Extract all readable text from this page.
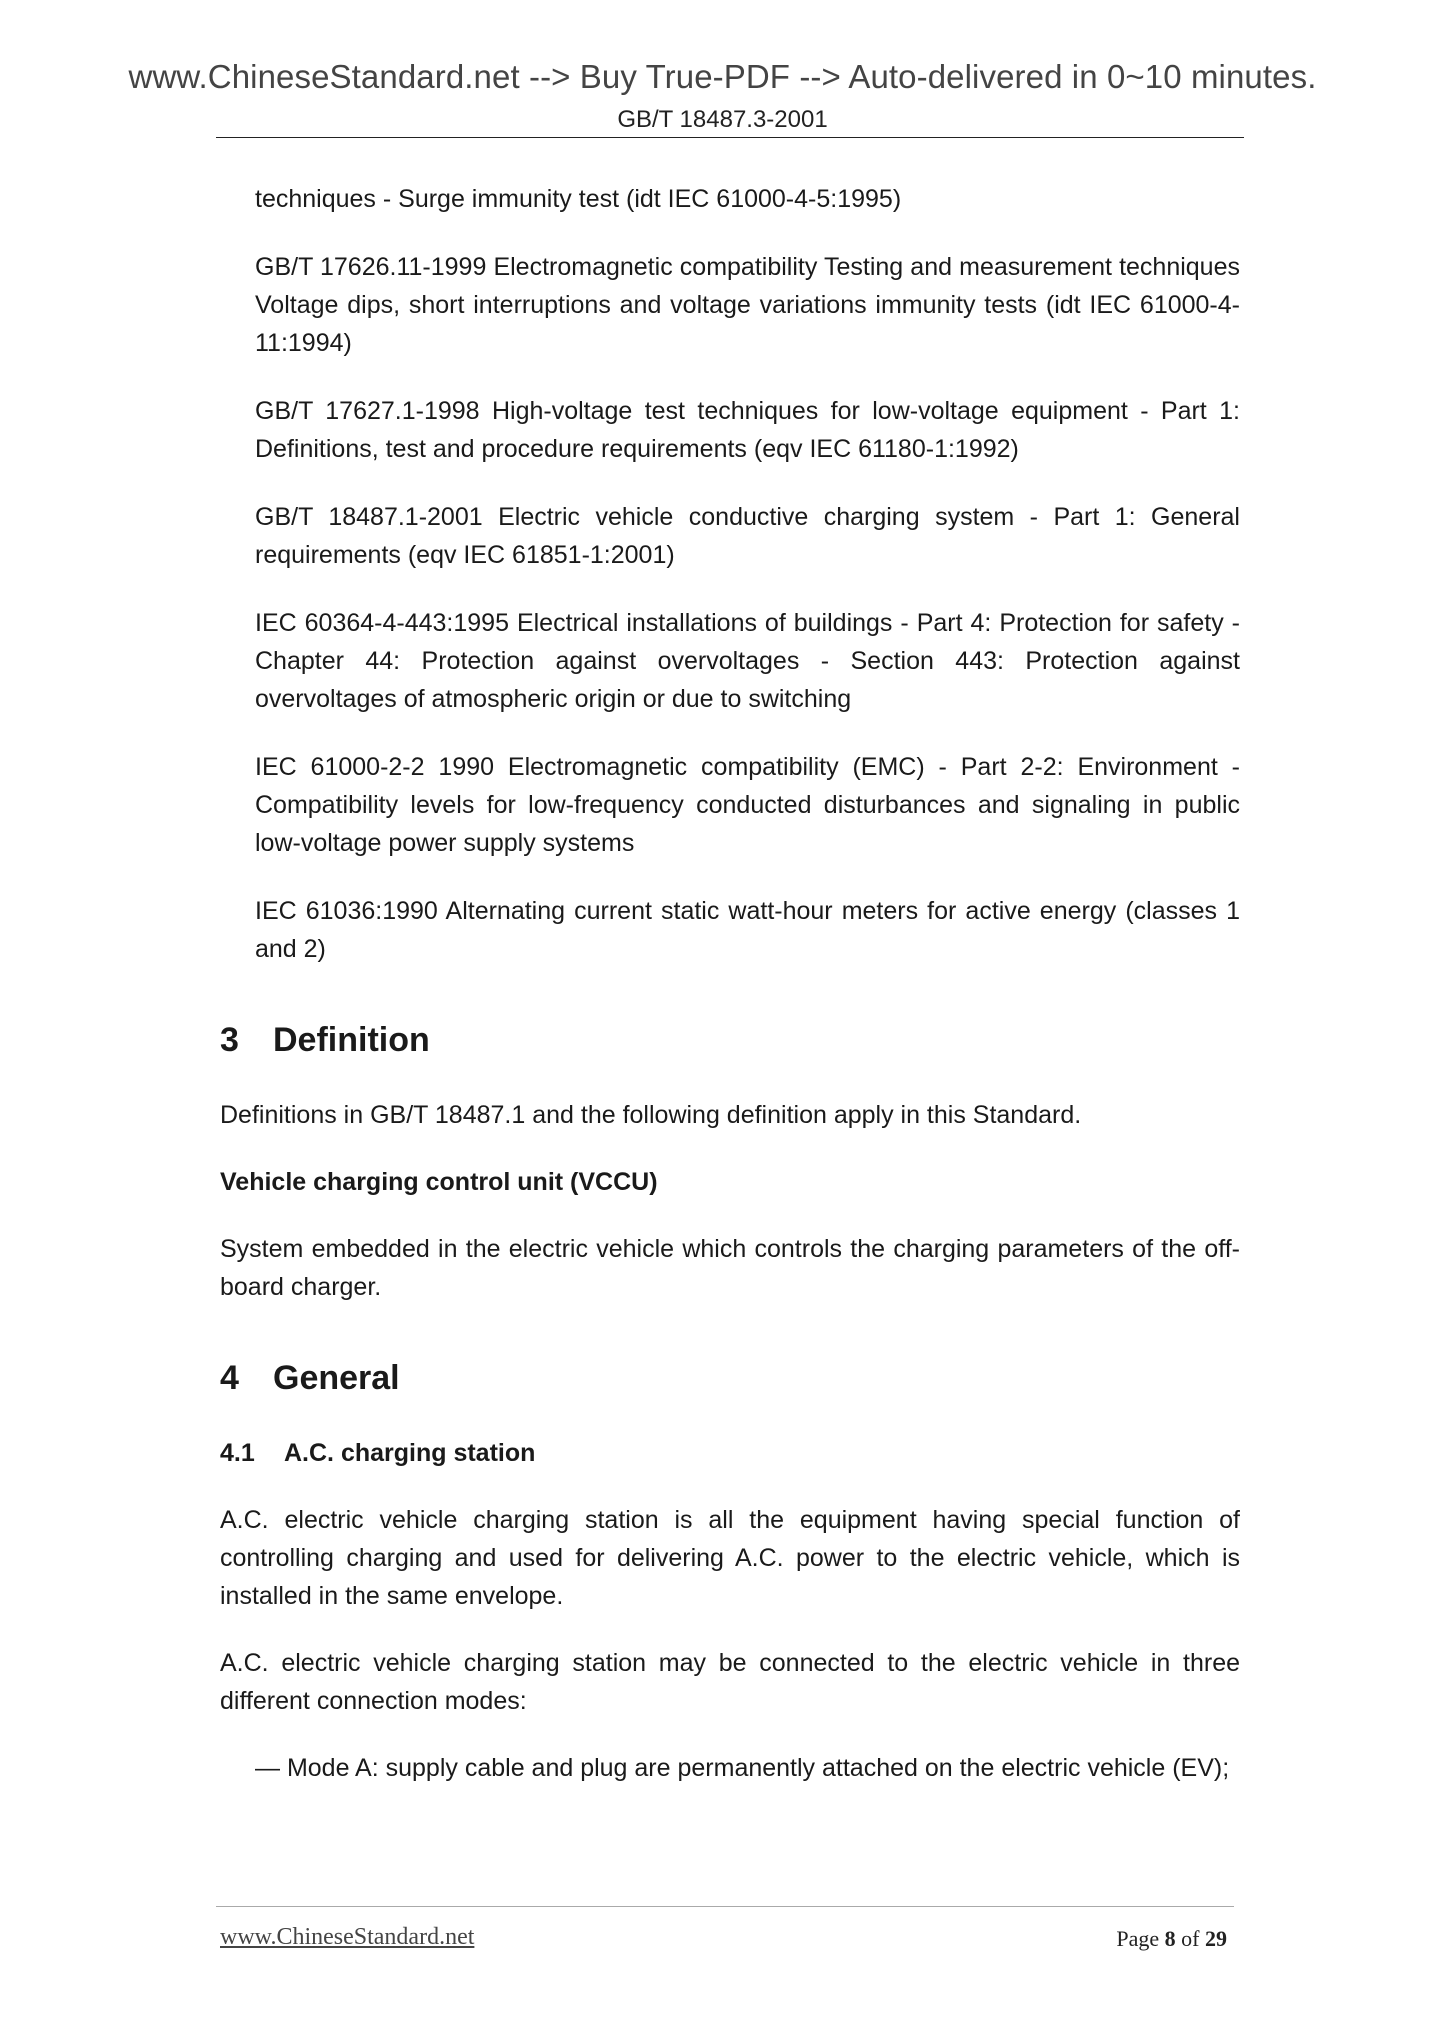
www.ChineseStandard.net --> Buy True-PDF --> Auto-delivered in 0~10 minutes.
GB/T 18487.3-2001

techniques - Surge immunity test (idt IEC 61000-4-5:1995)

GB/T 17626.11-1999 Electromagnetic compatibility Testing and measurement techniques Voltage dips, short interruptions and voltage variations immunity tests (idt IEC 61000-4-11:1994)

GB/T 17627.1-1998 High-voltage test techniques for low-voltage equipment - Part 1: Definitions, test and procedure requirements (eqv IEC 61180-1:1992)

GB/T 18487.1-2001 Electric vehicle conductive charging system - Part 1: General requirements (eqv IEC 61851-1:2001)

IEC 60364-4-443:1995 Electrical installations of buildings - Part 4: Protection for safety - Chapter 44: Protection against overvoltages - Section 443: Protection against overvoltages of atmospheric origin or due to switching

IEC 61000-2-2 1990 Electromagnetic compatibility (EMC) - Part 2-2: Environment - Compatibility levels for low-frequency conducted disturbances and signaling in public low-voltage power supply systems

IEC 61036:1990 Alternating current static watt-hour meters for active energy (classes 1 and 2)

3 Definition

Definitions in GB/T 18487.1 and the following definition apply in this Standard.

Vehicle charging control unit (VCCU)

System embedded in the electric vehicle which controls the charging parameters of the off-board charger.

4 General
4.1 A.C. charging station

A.C. electric vehicle charging station is all the equipment having special function of controlling charging and used for delivering A.C. power to the electric vehicle, which is installed in the same envelope.

A.C. electric vehicle charging station may be connected to the electric vehicle in three different connection modes:

— Mode A: supply cable and plug are permanently attached on the electric vehicle (EV);

www.ChineseStandard.net	Page 8 of 29
